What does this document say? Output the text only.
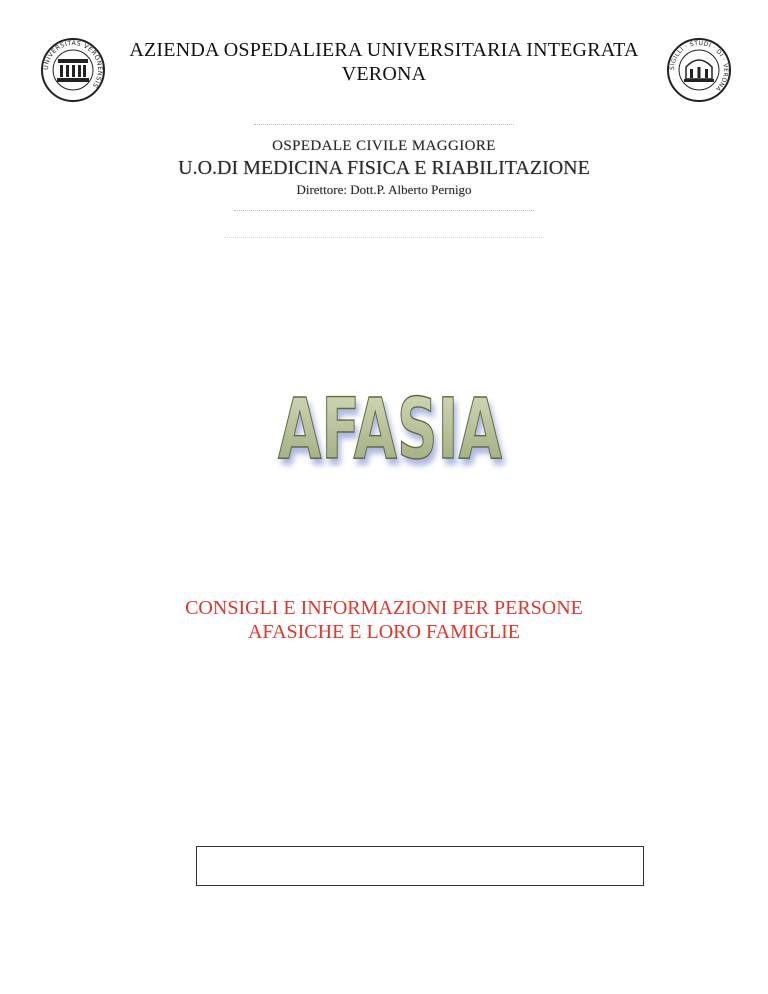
UNIVERSITAS VERONENSIS
AZIENDA OSPEDALIERA UNIVERSITARIA INTEGRATA
VERONA	SIGILLI · STUDI · DI · VERONA
OSPEDALE CIVILE MAGGIORE
U.O.DI MEDICINA FISICA E RIABILITAZIONE
Direttore: Dott.P. Alberto Pernigo
AFASIA
CONSIGLI E INFORMAZIONI PER PERSONE
AFASICHE E LORO FAMIGLIE
